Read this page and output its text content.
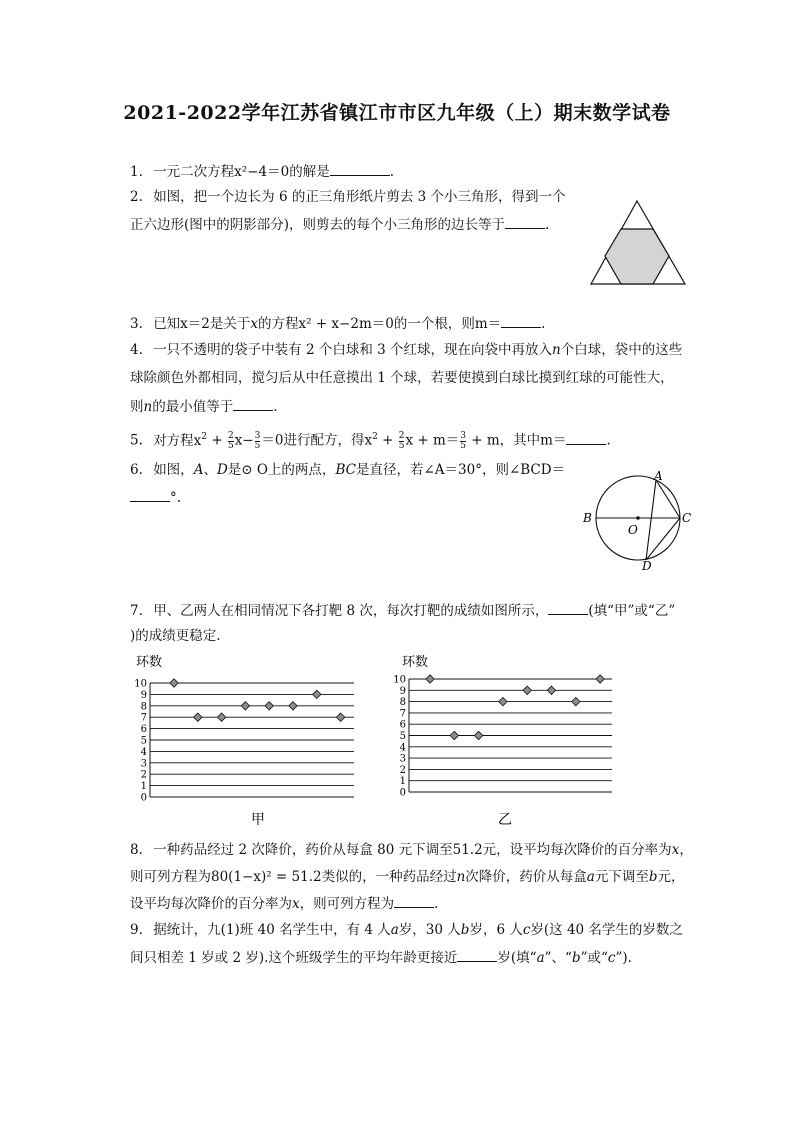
2021-2022学年江苏省镇江市市区九年级（上）期末数学试卷
1. 一元二次方程x²−4＝0的解是	.
2. 如图，把一个边长为 6 的正三角形纸片剪去 3 个小三角形，得到一个
正六边形(图中的阴影部分)，则剪去的每个小三角形的边长等于	.
3. 已知x＝2是关于x的方程x² + x−2m＝0的一个根，则m＝	.
4. 一只不透明的袋子中装有 2 个白球和 3 个红球，现在向袋中再放入n个白球，袋中的这些
球除颜色外都相同，搅匀后从中任意摸出 1 个球，若要使摸到白球比摸到红球的可能性大，
则n的最小值等于	.
5. 对方程$x^2 + \frac{2}{5} x- \frac{3}{5} =0$进行配方，得$x^2 + \frac{2}{5}$ $x + m= \frac{3}{5} + m$，其中m＝	.
6. 如图，A、D是⊙ O上的两点，BC是直径，若∠A＝30°，则∠BCD＝
°.
A
B	C
D
O
7. 甲、乙两人在相同情况下各打靶 8 次，每次打靶的成绩如图所示，	(填“甲”或“乙”
)的成绩更稳定.
环数
0
1
2
3
4
5
6
7
8
9
10
甲
环数
0
1
2
3
4
5
6
7
8
9
10
乙
8. 一种药品经过 2 次降价，药价从每盒 80 元下调至51.2元，设平均每次降价的百分率为x，
则可列方程为80(1−x)² = 51.2类似的，一种药品经过n次降价，药价从每盒a元下调至b元，
设平均每次降价的百分率为x，则可列方程为	.
9. 据统计，九(1)班 40 名学生中，有 4 人a岁，30 人b岁，6 人c岁(这 40 名学生的岁数之
间只相差 1 岁或 2 岁).这个班级学生的平均年龄更接近	岁(填“a”、“b”或“c”).
